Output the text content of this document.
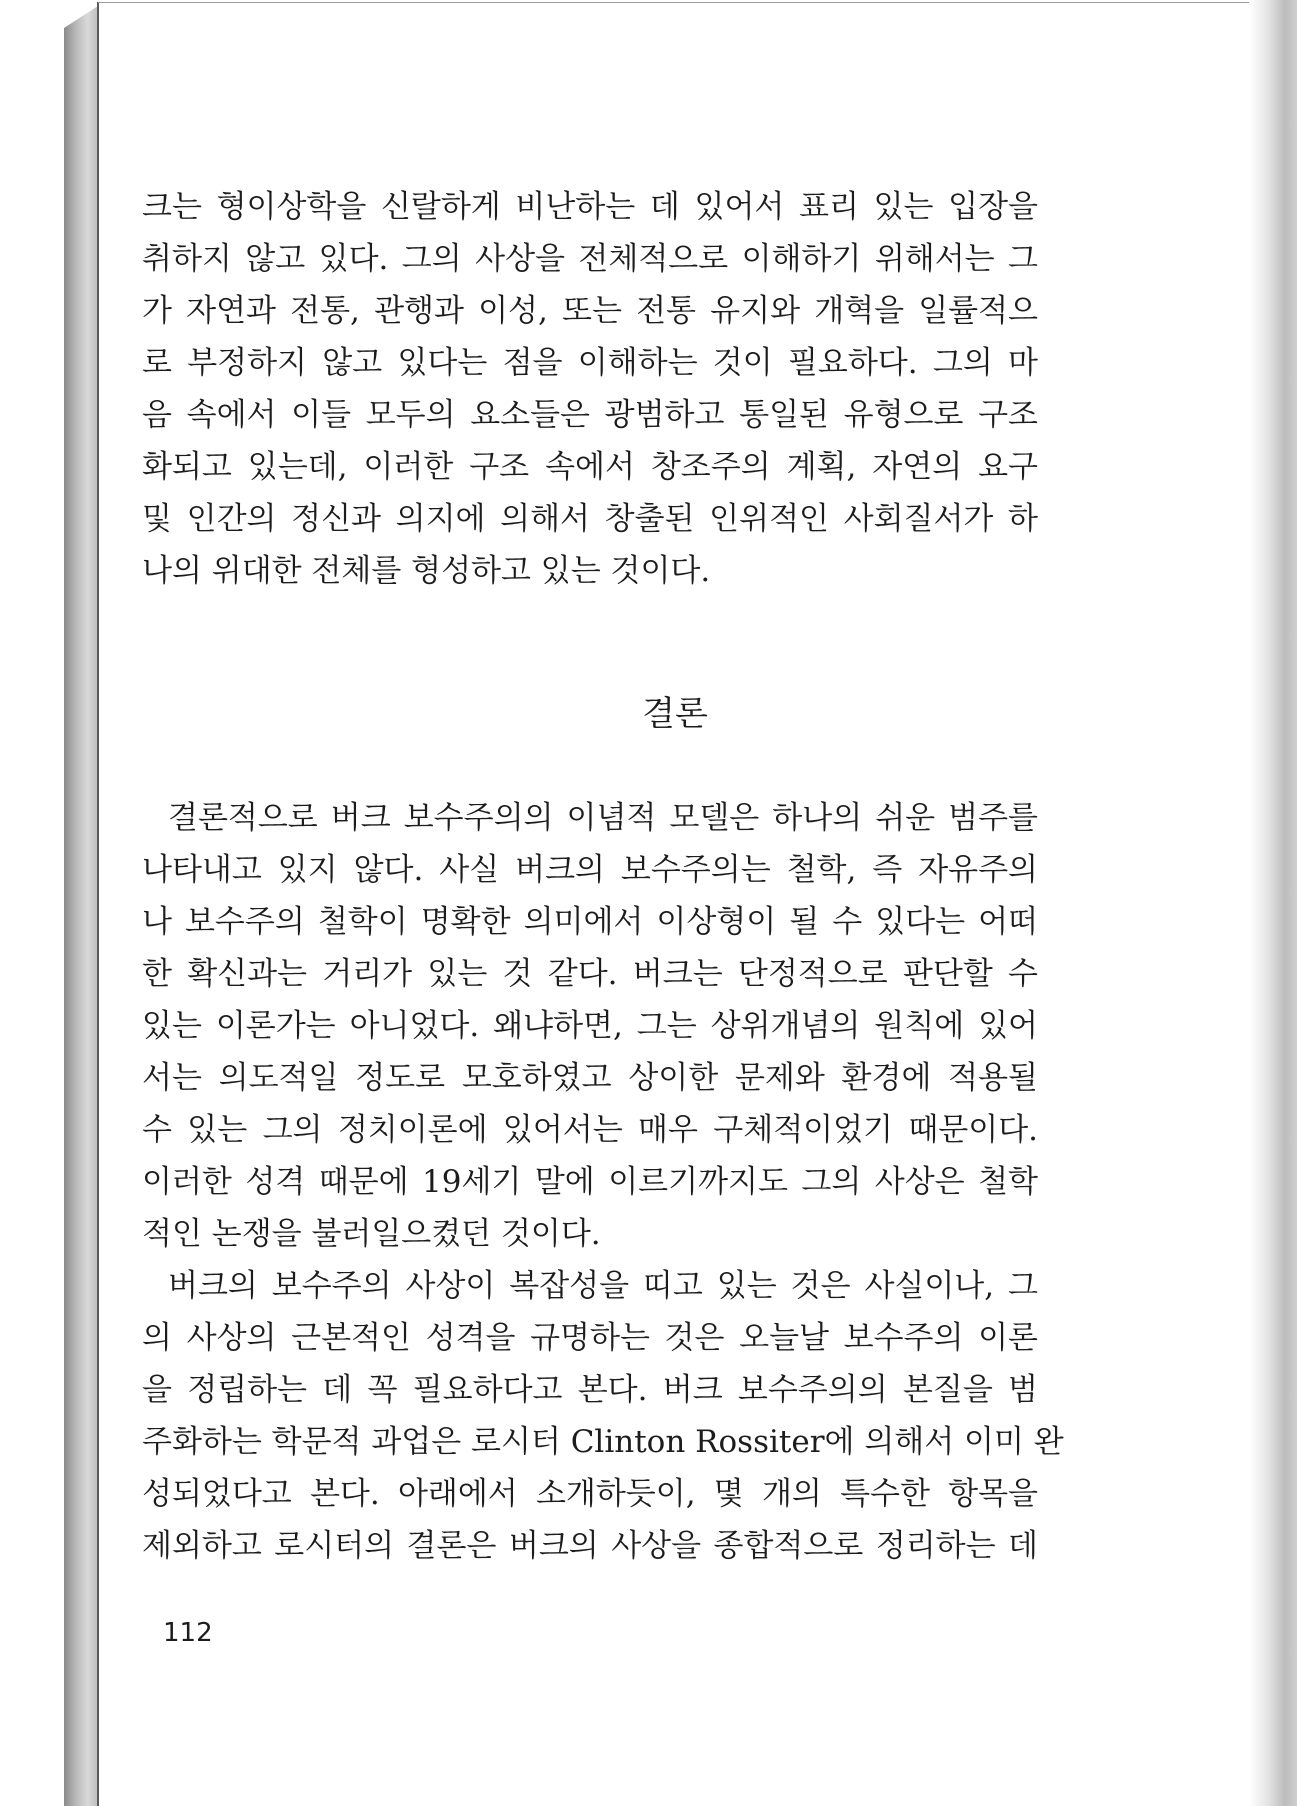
크는 형이상학을 신랄하게 비난하는 데 있어서 표리 있는 입장을
취하지 않고 있다. 그의 사상을 전체적으로 이해하기 위해서는 그
가 자연과 전통, 관행과 이성, 또는 전통 유지와 개혁을 일률적으
로 부정하지 않고 있다는 점을 이해하는 것이 필요하다. 그의 마
음 속에서 이들 모두의 요소들은 광범하고 통일된 유형으로 구조
화되고 있는데, 이러한 구조 속에서 창조주의 계획, 자연의 요구
및 인간의 정신과 의지에 의해서 창출된 인위적인 사회질서가 하
나의 위대한 전체를 형성하고 있는 것이다.
결론
결론적으로 버크 보수주의의 이념적 모델은 하나의 쉬운 범주를
나타내고 있지 않다. 사실 버크의 보수주의는 철학, 즉 자유주의
나 보수주의 철학이 명확한 의미에서 이상형이 될 수 있다는 어떠
한 확신과는 거리가 있는 것 같다. 버크는 단정적으로 판단할 수
있는 이론가는 아니었다. 왜냐하면, 그는 상위개념의 원칙에 있어
서는 의도적일 정도로 모호하였고 상이한 문제와 환경에 적용될
수 있는 그의 정치이론에 있어서는 매우 구체적이었기 때문이다.
이러한 성격 때문에 19세기 말에 이르기까지도 그의 사상은 철학
적인 논쟁을 불러일으켰던 것이다.
버크의 보수주의 사상이 복잡성을 띠고 있는 것은 사실이나, 그
의 사상의 근본적인 성격을 규명하는 것은 오늘날 보수주의 이론
을 정립하는 데 꼭 필요하다고 본다. 버크 보수주의의 본질을 범
주화하는 학문적 과업은 로시터 Clinton Rossiter에 의해서 이미 완
성되었다고 본다. 아래에서 소개하듯이, 몇 개의 특수한 항목을
제외하고 로시터의 결론은 버크의 사상을 종합적으로 정리하는 데
112
